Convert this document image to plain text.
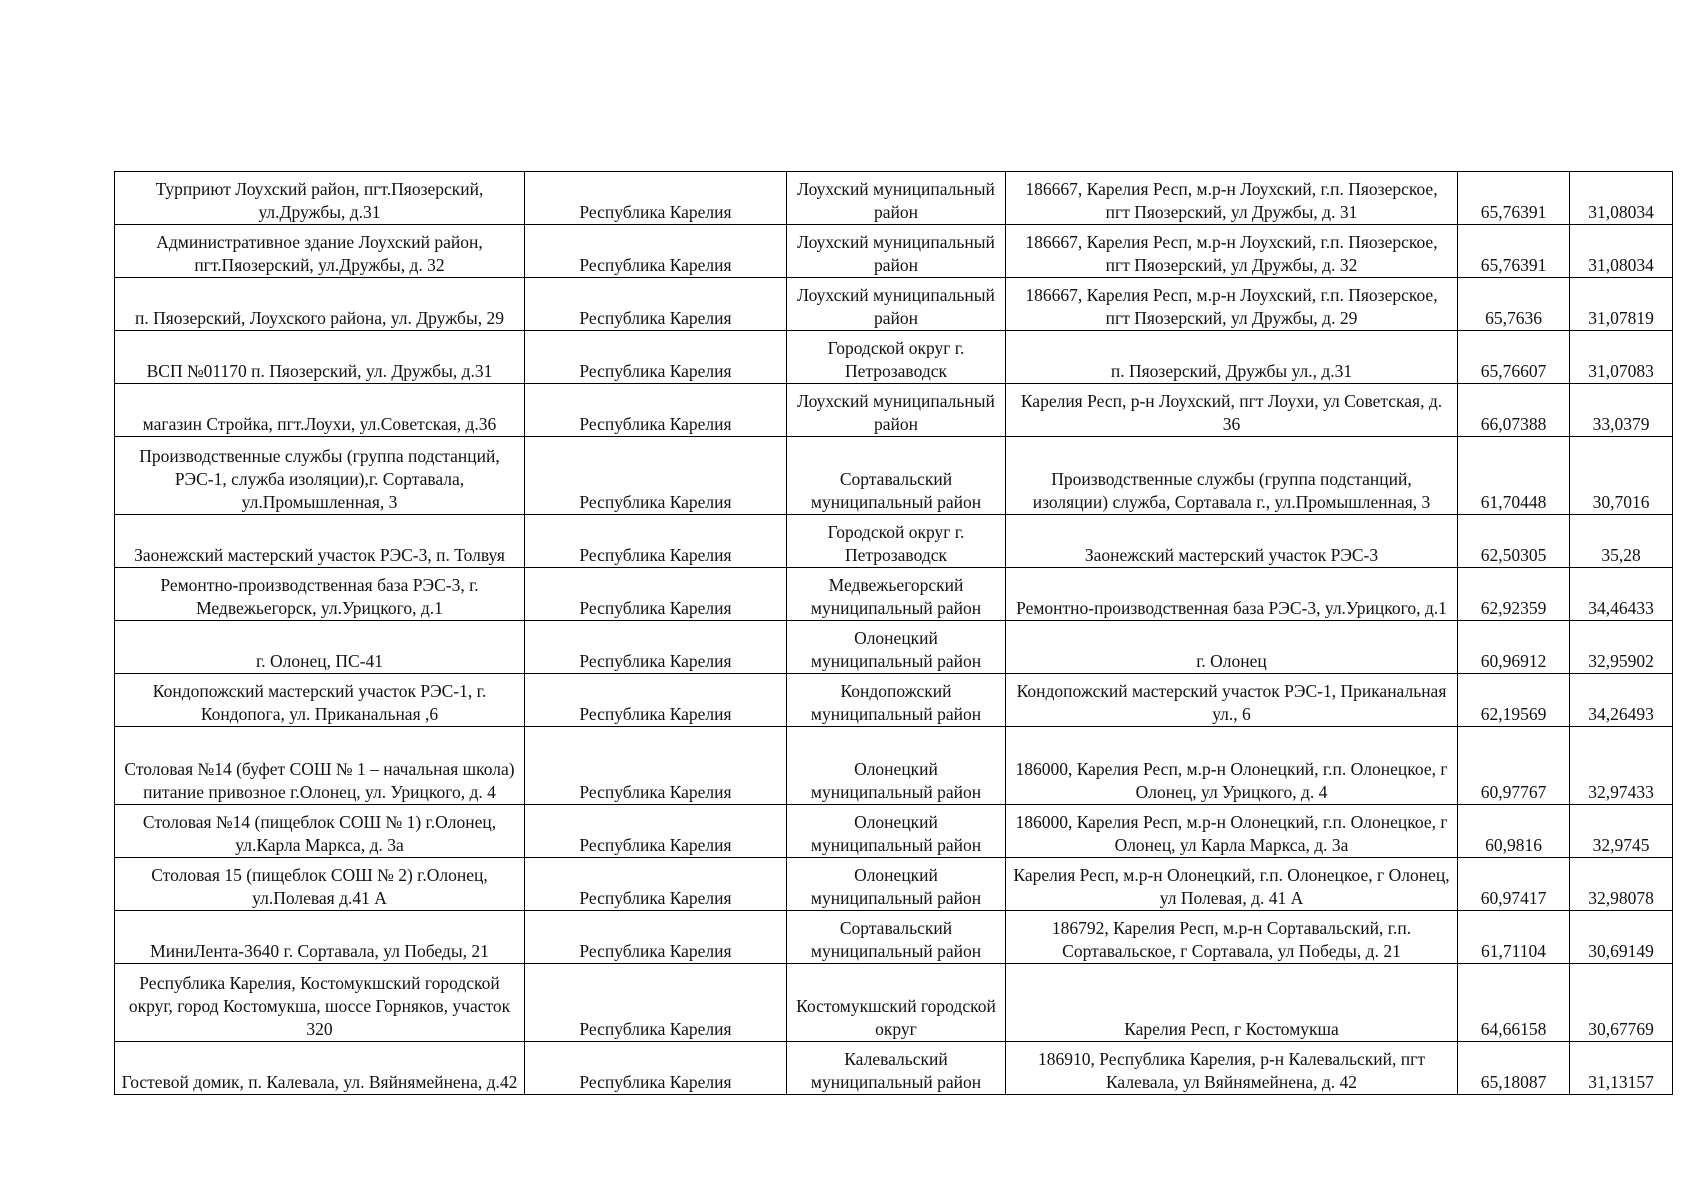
Турприют Лоухский район, пгт.Пяозерский, ул.Дружбы, д.31	Республика Карелия	Лоухский муниципальный район	186667, Карелия Респ, м.р-н Лоухский, г.п. Пяозерское, пгт Пяозерский, ул Дружбы, д. 31	65,76391	31,08034
Административное здание Лоухский район, пгт.Пяозерский, ул.Дружбы, д. 32	Республика Карелия	Лоухский муниципальный район	186667, Карелия Респ, м.р-н Лоухский, г.п. Пяозерское, пгт Пяозерский, ул Дружбы, д. 32	65,76391	31,08034
п. Пяозерский, Лоухского района, ул. Дружбы, 29	Республика Карелия	Лоухский муниципальный район	186667, Карелия Респ, м.р-н Лоухский, г.п. Пяозерское, пгт Пяозерский, ул Дружбы, д. 29	65,7636	31,07819
ВСП №01170 п. Пяозерский, ул. Дружбы, д.31	Республика Карелия	Городской округ г. Петрозаводск	п. Пяозерский, Дружбы ул., д.31	65,76607	31,07083
магазин Стройка, пгт.Лоухи, ул.Советская, д.36	Республика Карелия	Лоухский муниципальный район	Карелия Респ, р-н Лоухский, пгт Лоухи, ул Советская, д. 36	66,07388	33,0379
Производственные службы (группа подстанций, РЭС-1, служба изоляции),г. Сортавала, ул.Промышленная, 3	Республика Карелия	Сортавальский муниципальный район	Производственные службы (группа подстанций, изоляции) служба, Сортавала г., ул.Промышленная, 3	61,70448	30,7016
Заонежский мастерский участок РЭС-3, п. Толвуя	Республика Карелия	Городской округ г. Петрозаводск	Заонежский мастерский участок РЭС-3	62,50305	35,28
Ремонтно-производственная база РЭС-3, г. Медвежьегорск, ул.Урицкого, д.1	Республика Карелия	Медвежьегорский муниципальный район	Ремонтно-производственная база РЭС-3, ул.Урицкого, д.1	62,92359	34,46433
г. Олонец, ПС-41	Республика Карелия	Олонецкий муниципальный район	г. Олонец	60,96912	32,95902
Кондопожский мастерский участок РЭС-1, г. Кондопога, ул. Приканальная ,6	Республика Карелия	Кондопожский муниципальный район	Кондопожский мастерский участок РЭС-1, Приканальная ул., 6	62,19569	34,26493
Столовая №14 (буфет СОШ № 1 – начальная школа) питание привозное г.Олонец, ул. Урицкого, д. 4	Республика Карелия	Олонецкий муниципальный район	186000, Карелия Респ, м.р-н Олонецкий, г.п. Олонецкое, г Олонец, ул Урицкого, д. 4	60,97767	32,97433
Столовая №14 (пищеблок СОШ № 1) г.Олонец, ул.Карла Маркса, д. 3а	Республика Карелия	Олонецкий муниципальный район	186000, Карелия Респ, м.р-н Олонецкий, г.п. Олонецкое, г Олонец, ул Карла Маркса, д. 3а	60,9816	32,9745
Столовая 15 (пищеблок СОШ № 2) г.Олонец, ул.Полевая д.41 А	Республика Карелия	Олонецкий муниципальный район	Карелия Респ, м.р-н Олонецкий, г.п. Олонецкое, г Олонец, ул Полевая, д. 41 А	60,97417	32,98078
МиниЛента-3640 г. Сортавала, ул Победы, 21	Республика Карелия	Сортавальский муниципальный район	186792, Карелия Респ, м.р-н Сортавальский, г.п. Сортавальское, г Сортавала, ул Победы, д. 21	61,71104	30,69149
Республика Карелия, Костомукшский городской округ, город Костомукша, шоссе Горняков, участок 320	Республика Карелия	Костомукшский городской округ	Карелия Респ, г Костомукша	64,66158	30,67769
Гостевой домик, п. Калевала, ул. Вяйнямейнена, д.42	Республика Карелия	Калевальский муниципальный район	186910, Республика Карелия, р-н Калевальский, пгт Калевала, ул Вяйнямейнена, д. 42	65,18087	31,13157
